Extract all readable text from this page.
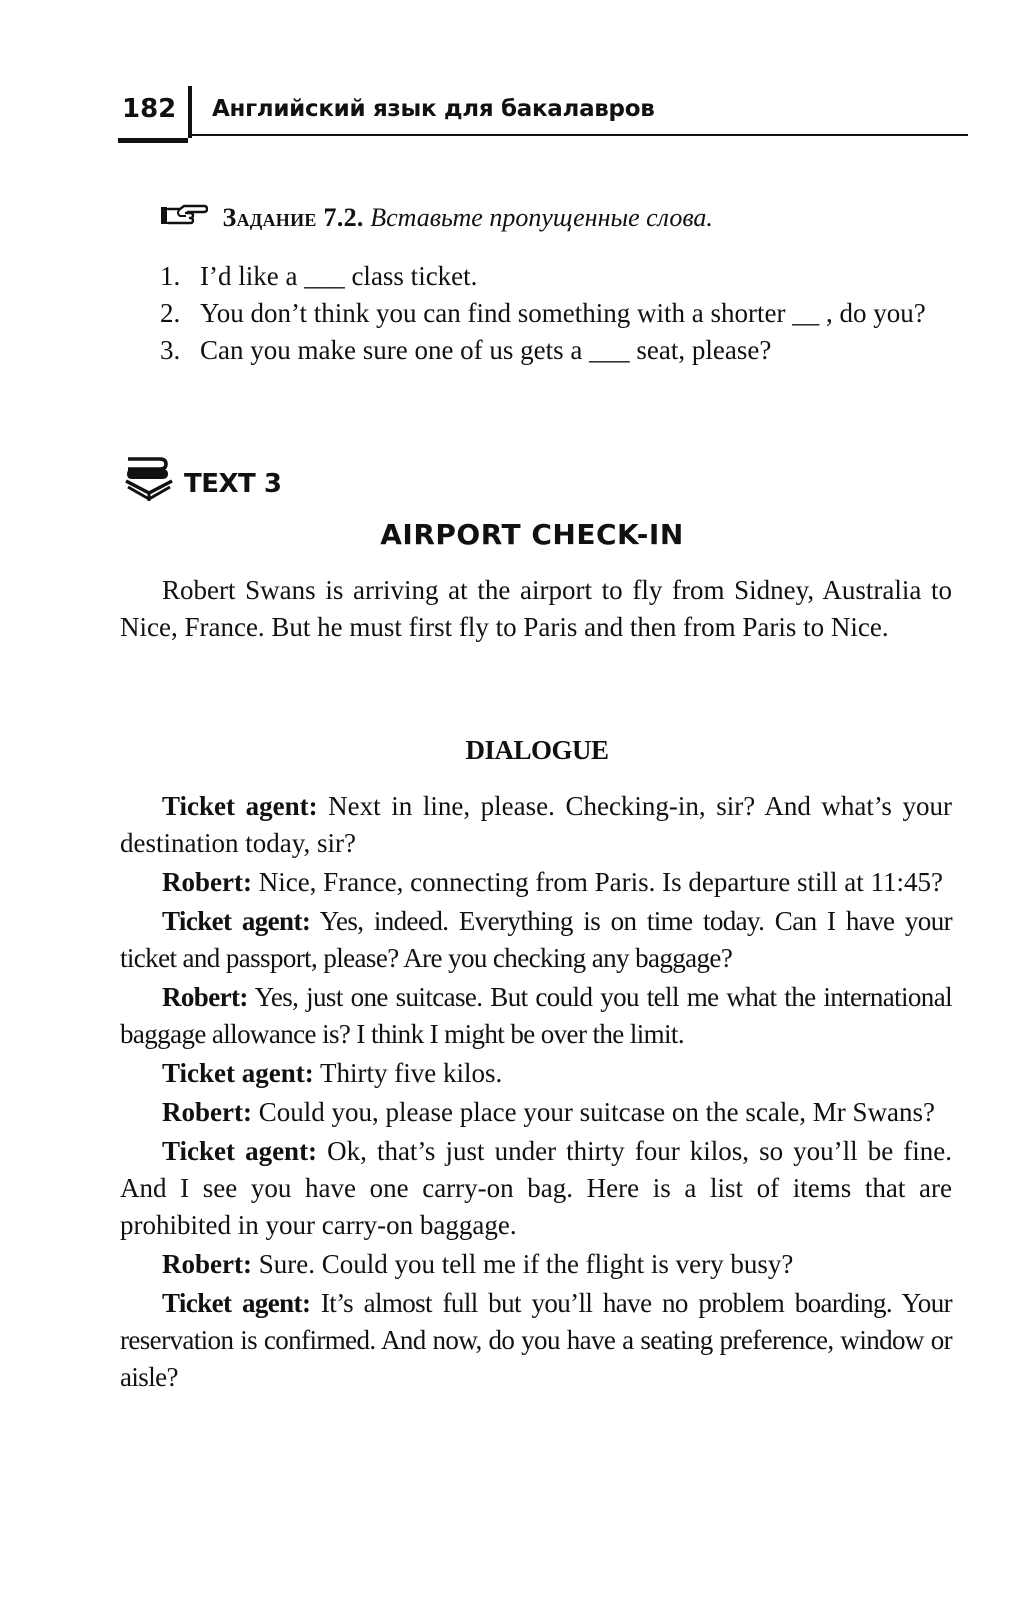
182 Английский язык для бакалавров
Задание 7.2. Вставьте пропущенные слова.
1. I’d like a ___ class ticket.
2. You don’t think you can find something with a shorter __ , do you?
3. Can you make sure one of us gets a ___ seat, please?
TEXT 3
AIRPORT CHECK-IN

Robert Swans is arriving at the airport to fly from Sidney, Australia to Nice, France. But he must first fly to Paris and then from Paris to Nice.

DIALOGUE

Ticket agent: Next in line, please. Checking-in, sir? And what’s your destination today, sir?

Robert: Nice, France, connecting from Paris. Is departure still at 11:45?

Ticket agent: Yes, indeed. Everything is on time today. Can I have your ticket and passport, please? Are you checking any baggage?

Robert: Yes, just one suitcase. But could you tell me what the international baggage allowance is? I think I might be over the limit.

Ticket agent: Thirty five kilos.

Robert: Could you, please place your suitcase on the scale, Mr Swans?

Ticket agent: Ok, that’s just under thirty four kilos, so you’ll be fine. And I see you have one carry-on bag. Here is a list of items that are prohibited in your carry-on baggage.

Robert: Sure. Could you tell me if the flight is very busy?

Ticket agent: It’s almost full but you’ll have no problem boarding. Your reservation is confirmed. And now, do you have a seating preference, window or aisle?
